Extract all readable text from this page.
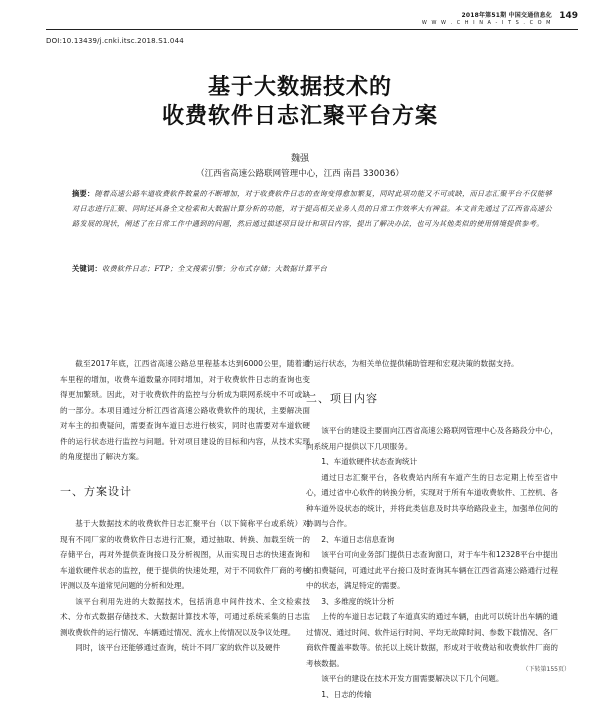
2018年第51期 中国交通信息化
W W W . C H I N A - I T S . C O M
149
DOI:10.13439/j.cnki.itsc.2018.S1.044
基于大数据技术的
收费软件日志汇聚平台方案
魏强
（江西省高速公路联网管理中心，江西 南昌 330036）
摘要：随着高速公路车道收费软件数量的不断增加，对于收费软件日志的查询变得愈加繁复，同时此项功能又不可或缺，而日志汇聚平台不仅能够对日志进行汇聚、同时还具备全文检索和大数据计算分析的功能，对于提高相关业务人员的日常工作效率大有裨益。本文首先通过了江西省高速公路发展的现状，阐述了在日常工作中遇到的问题，然后通过描述项目设计和项目内容，提出了解决办法，也可为其他类似的使用情境提供参考。
关键词：收费软件日志；FTP；全文搜索引擎；分布式存储；大数据计算平台

截至2017年底，江西省高速公路总里程基本达到6000公里，随着通车里程的增加，收费车道数量亦同时增加，对于收费软件日志的查询也变得更加繁琐。因此，对于收费软件的监控与分析成为联网系统中不可或缺的一部分。本项目通过分析江西省高速公路收费软件的现状，主要解决面对车主的扣费疑问，需要查询车道日志进行核实，同时也需要对车道软硬件的运行状态进行监控与问题。针对项目建设的目标和内容，从技术实现的角度提出了解决方案。

一、方案设计

基于大数据技术的收费软件日志汇聚平台（以下简称平台或系统）对现有不同厂家的收费软件日志进行汇聚，通过抽取、转换、加载至统一的存储平台，再对外提供查询接口及分析视图，从而实现日志的快速查询和车道软硬件状态的监控，便于提供的快速处理，对于不同软件厂商的考核评测以及车道常见问题的分析和处理。

该平台利用先进的大数据技术，包括消息中间件技术、全文检索技术、分布式数据存储技术、大数据计算技术等，可通过系统采集的日志监测收费软件的运行情况、车辆通过情况、流水上传情况以及争议处理。

同时，该平台还能够通过查询，统计不同厂家的软件以及硬件

的运行状态，为相关单位提供辅助管理和宏观决策的数据支持。

二、项目内容

该平台的建设主要面向江西省高速公路联网管理中心及各路段分中心，向系统用户提供以下几项服务。

1、车道软硬件状态查询统计

通过日志汇聚平台，各收费站内所有车道产生的日志定期上传至省中心，通过省中心软件的转换分析，实现对于所有车道收费软件、工控机、各种车道外设状态的统计，并将此类信息及时共享给路段业主，加强单位间的协调与合作。

2、车道日志信息查询

该平台可向业务部门提供日志查询窗口，对于车牛和12328平台中提出的扣费疑问，可通过此平台接口及时查询其车辆在江西省高速公路通行过程中的状态，满足特定的需要。

3、多维度的统计分析

上传的车道日志记载了车道真实的通过车辆，由此可以统计出车辆的通过情况、通过时间、软件运行时间、平均无故障时间、参数下载情况、各厂商软件覆盖率数等。依托以上统计数据，形成对于收费站和收费软件厂商的考核数据。

该平台的建设在技术开发方面需要解决以下几个问题。

1、日志的传输
（下转第155页）
